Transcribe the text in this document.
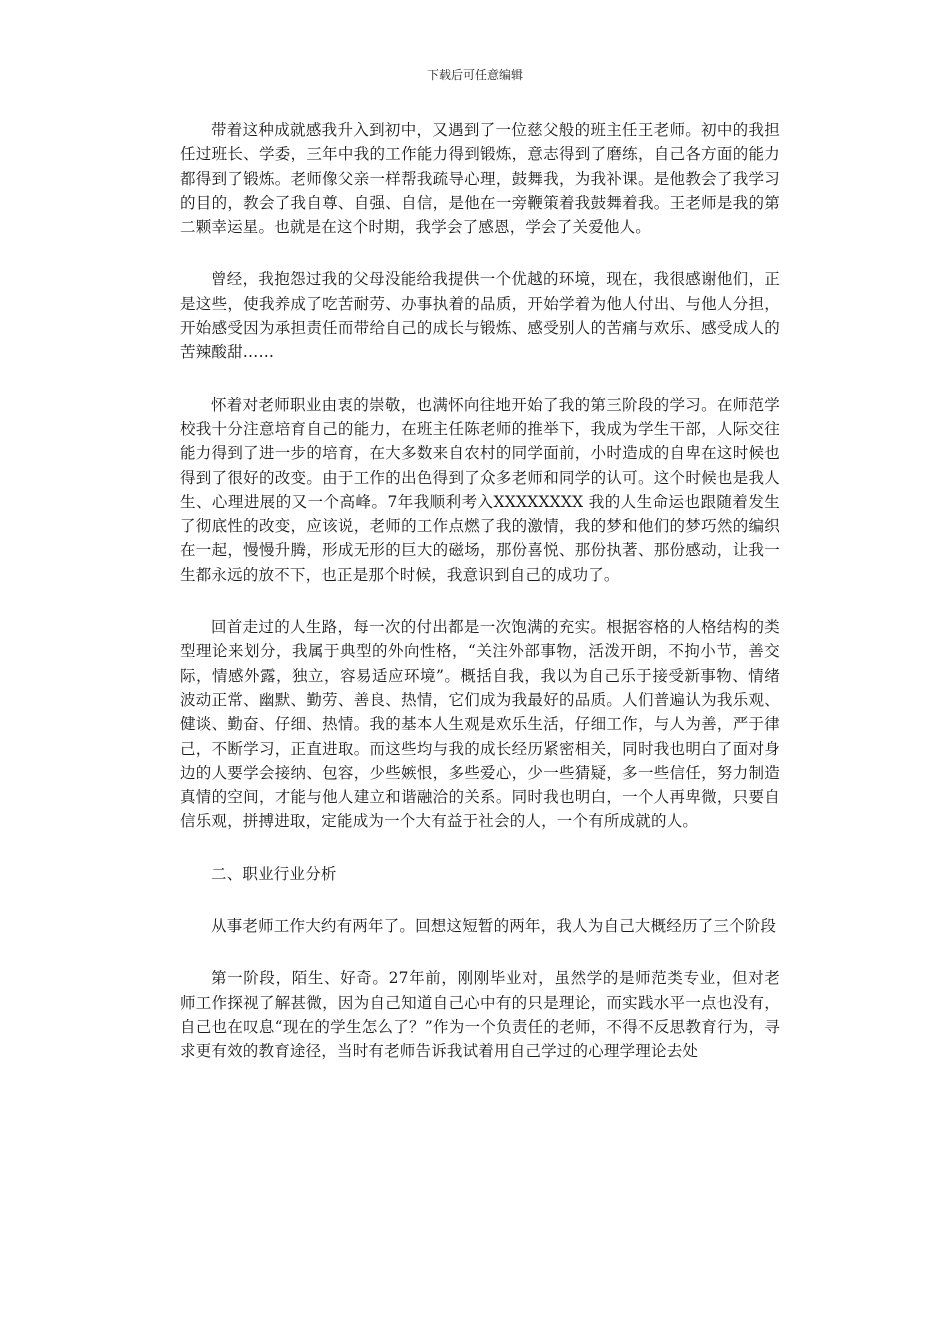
下载后可任意编辑

带着这种成就感我升入到初中，又遇到了一位慈父般的班主任王老师。初中的我担任过班长、学委，三年中我的工作能力得到锻炼，意志得到了磨练，自己各方面的能力都得到了锻炼。老师像父亲一样帮我疏导心理，鼓舞我，为我补课。是他教会了我学习的目的，教会了我自尊、自强、自信，是他在一旁鞭策着我鼓舞着我。王老师是我的第二颗幸运星。也就是在这个时期，我学会了感恩，学会了关爱他人。

曾经，我抱怨过我的父母没能给我提供一个优越的环境，现在，我很感谢他们，正是这些，使我养成了吃苦耐劳、办事执着的品质，开始学着为他人付出、与他人分担，开始感受因为承担责任而带给自己的成长与锻炼、感受别人的苦痛与欢乐、感受成人的苦辣酸甜……

怀着对老师职业由衷的崇敬，也满怀向往地开始了我的第三阶段的学习。在师范学校我十分注意培育自己的能力，在班主任陈老师的推举下，我成为学生干部，人际交往能力得到了进一步的培育，在大多数来自农村的同学面前，小时造成的自卑在这时候也得到了很好的改变。由于工作的出色得到了众多老师和同学的认可。这个时候也是我人生、心理进展的又一个高峰。7年我顺利考入XXXXXXXX 我的人生命运也跟随着发生了彻底性的改变，应该说，老师的工作点燃了我的激情，我的梦和他们的梦巧然的编织在一起，慢慢升腾，形成无形的巨大的磁场，那份喜悦、那份执著、那份感动，让我一生都永远的放不下，也正是那个时候，我意识到自己的成功了。

回首走过的人生路，每一次的付出都是一次饱满的充实。根据容格的人格结构的类型理论来划分，我属于典型的外向性格，“关注外部事物，活泼开朗，不拘小节，善交际，情感外露，独立，容易适应环境”。概括自我，我以为自己乐于接受新事物、情绪波动正常、幽默、勤劳、善良、热情，它们成为我最好的品质。人们普遍认为我乐观、健谈、勤奋、仔细、热情。我的基本人生观是欢乐生活，仔细工作，与人为善，严于律己，不断学习，正直进取。而这些均与我的成长经历紧密相关，同时我也明白了面对身边的人要学会接纳、包容，少些嫉恨，多些爱心，少一些猜疑，多一些信任，努力制造真情的空间，才能与他人建立和谐融洽的关系。同时我也明白，一个人再卑微，只要自信乐观，拼搏进取，定能成为一个大有益于社会的人，一个有所成就的人。

二、职业行业分析

从事老师工作大约有两年了。回想这短暂的两年，我人为自己大概经历了三个阶段

第一阶段，陌生、好奇。27年前，刚刚毕业对，虽然学的是师范类专业，但对老师工作探视了解甚微，因为自己知道自己心中有的只是理论，而实践水平一点也没有，自己也在叹息“现在的学生怎么了？”作为一个负责任的老师，不得不反思教育行为，寻求更有效的教育途径，当时有老师告诉我试着用自己学过的心理学理论去处
